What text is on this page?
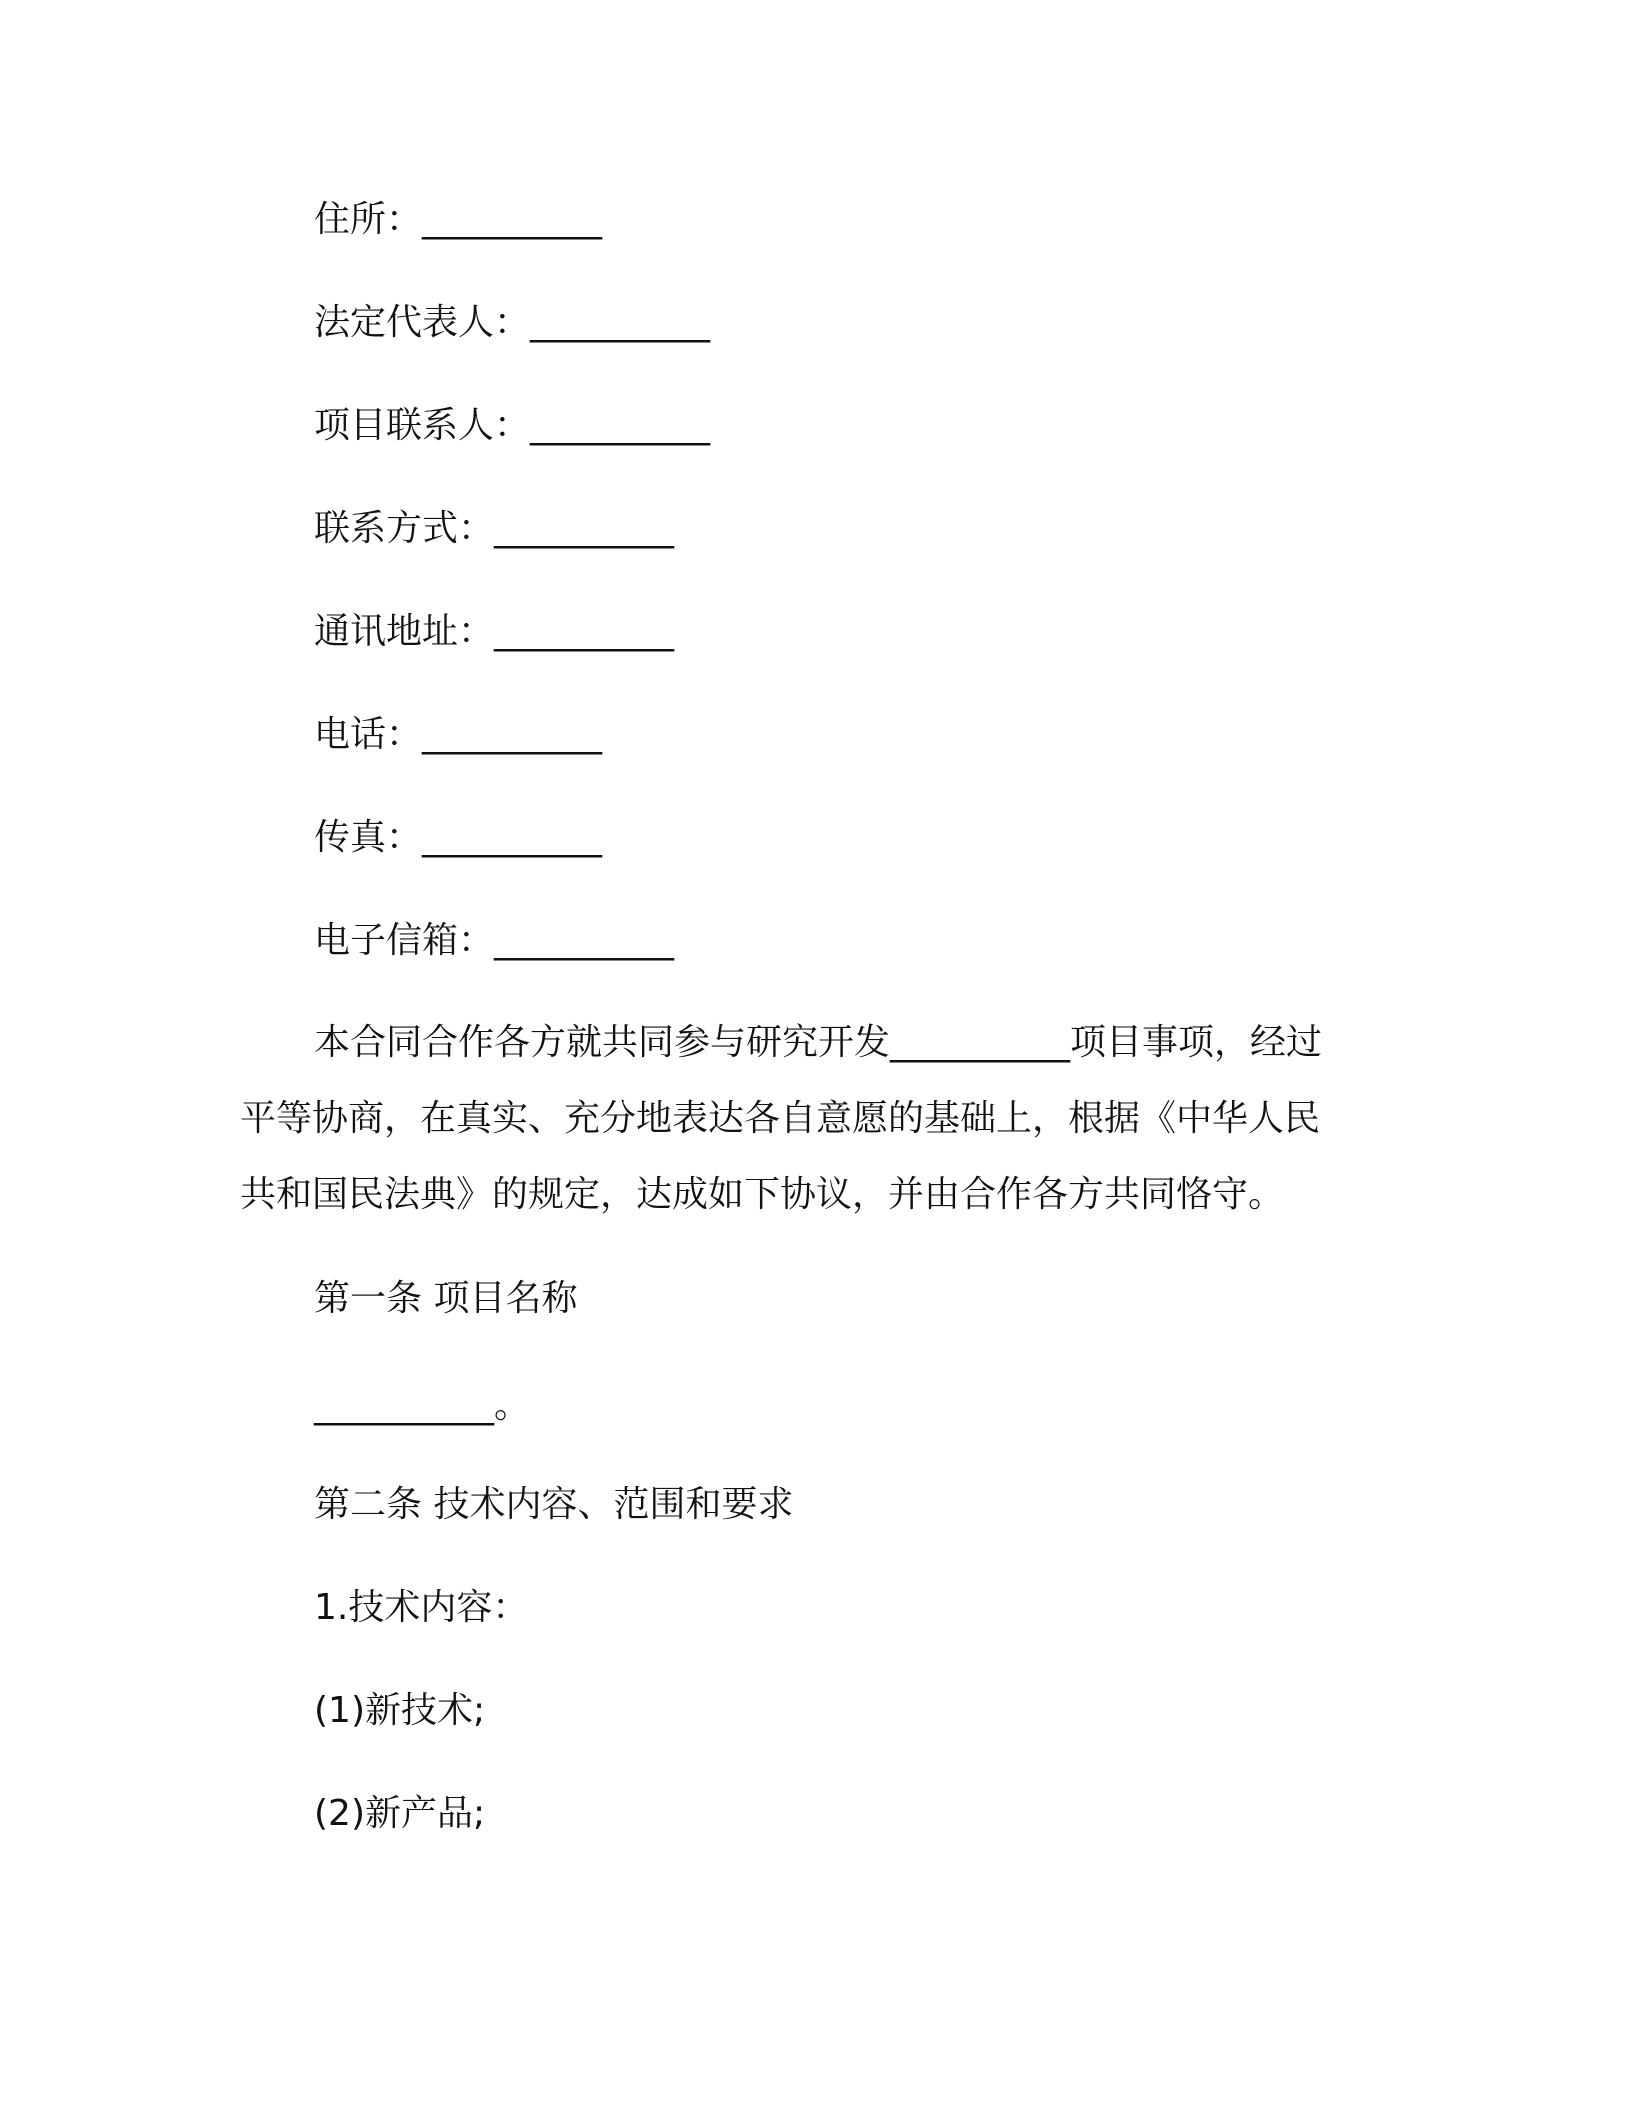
住所：__________

法定代表人：__________

项目联系人：__________

联系方式：__________

通讯地址：__________

电话：__________

传真：__________

电子信箱：__________

本合同合作各方就共同参与研究开发__________项目事项，经过

平等协商，在真实、充分地表达各自意愿的基础上，根据《中华人民

共和国民法典》的规定，达成如下协议，并由合作各方共同恪守。

第一条 项目名称

__________。

第二条 技术内容、范围和要求

1.技术内容：

(1)新技术;

(2)新产品;
